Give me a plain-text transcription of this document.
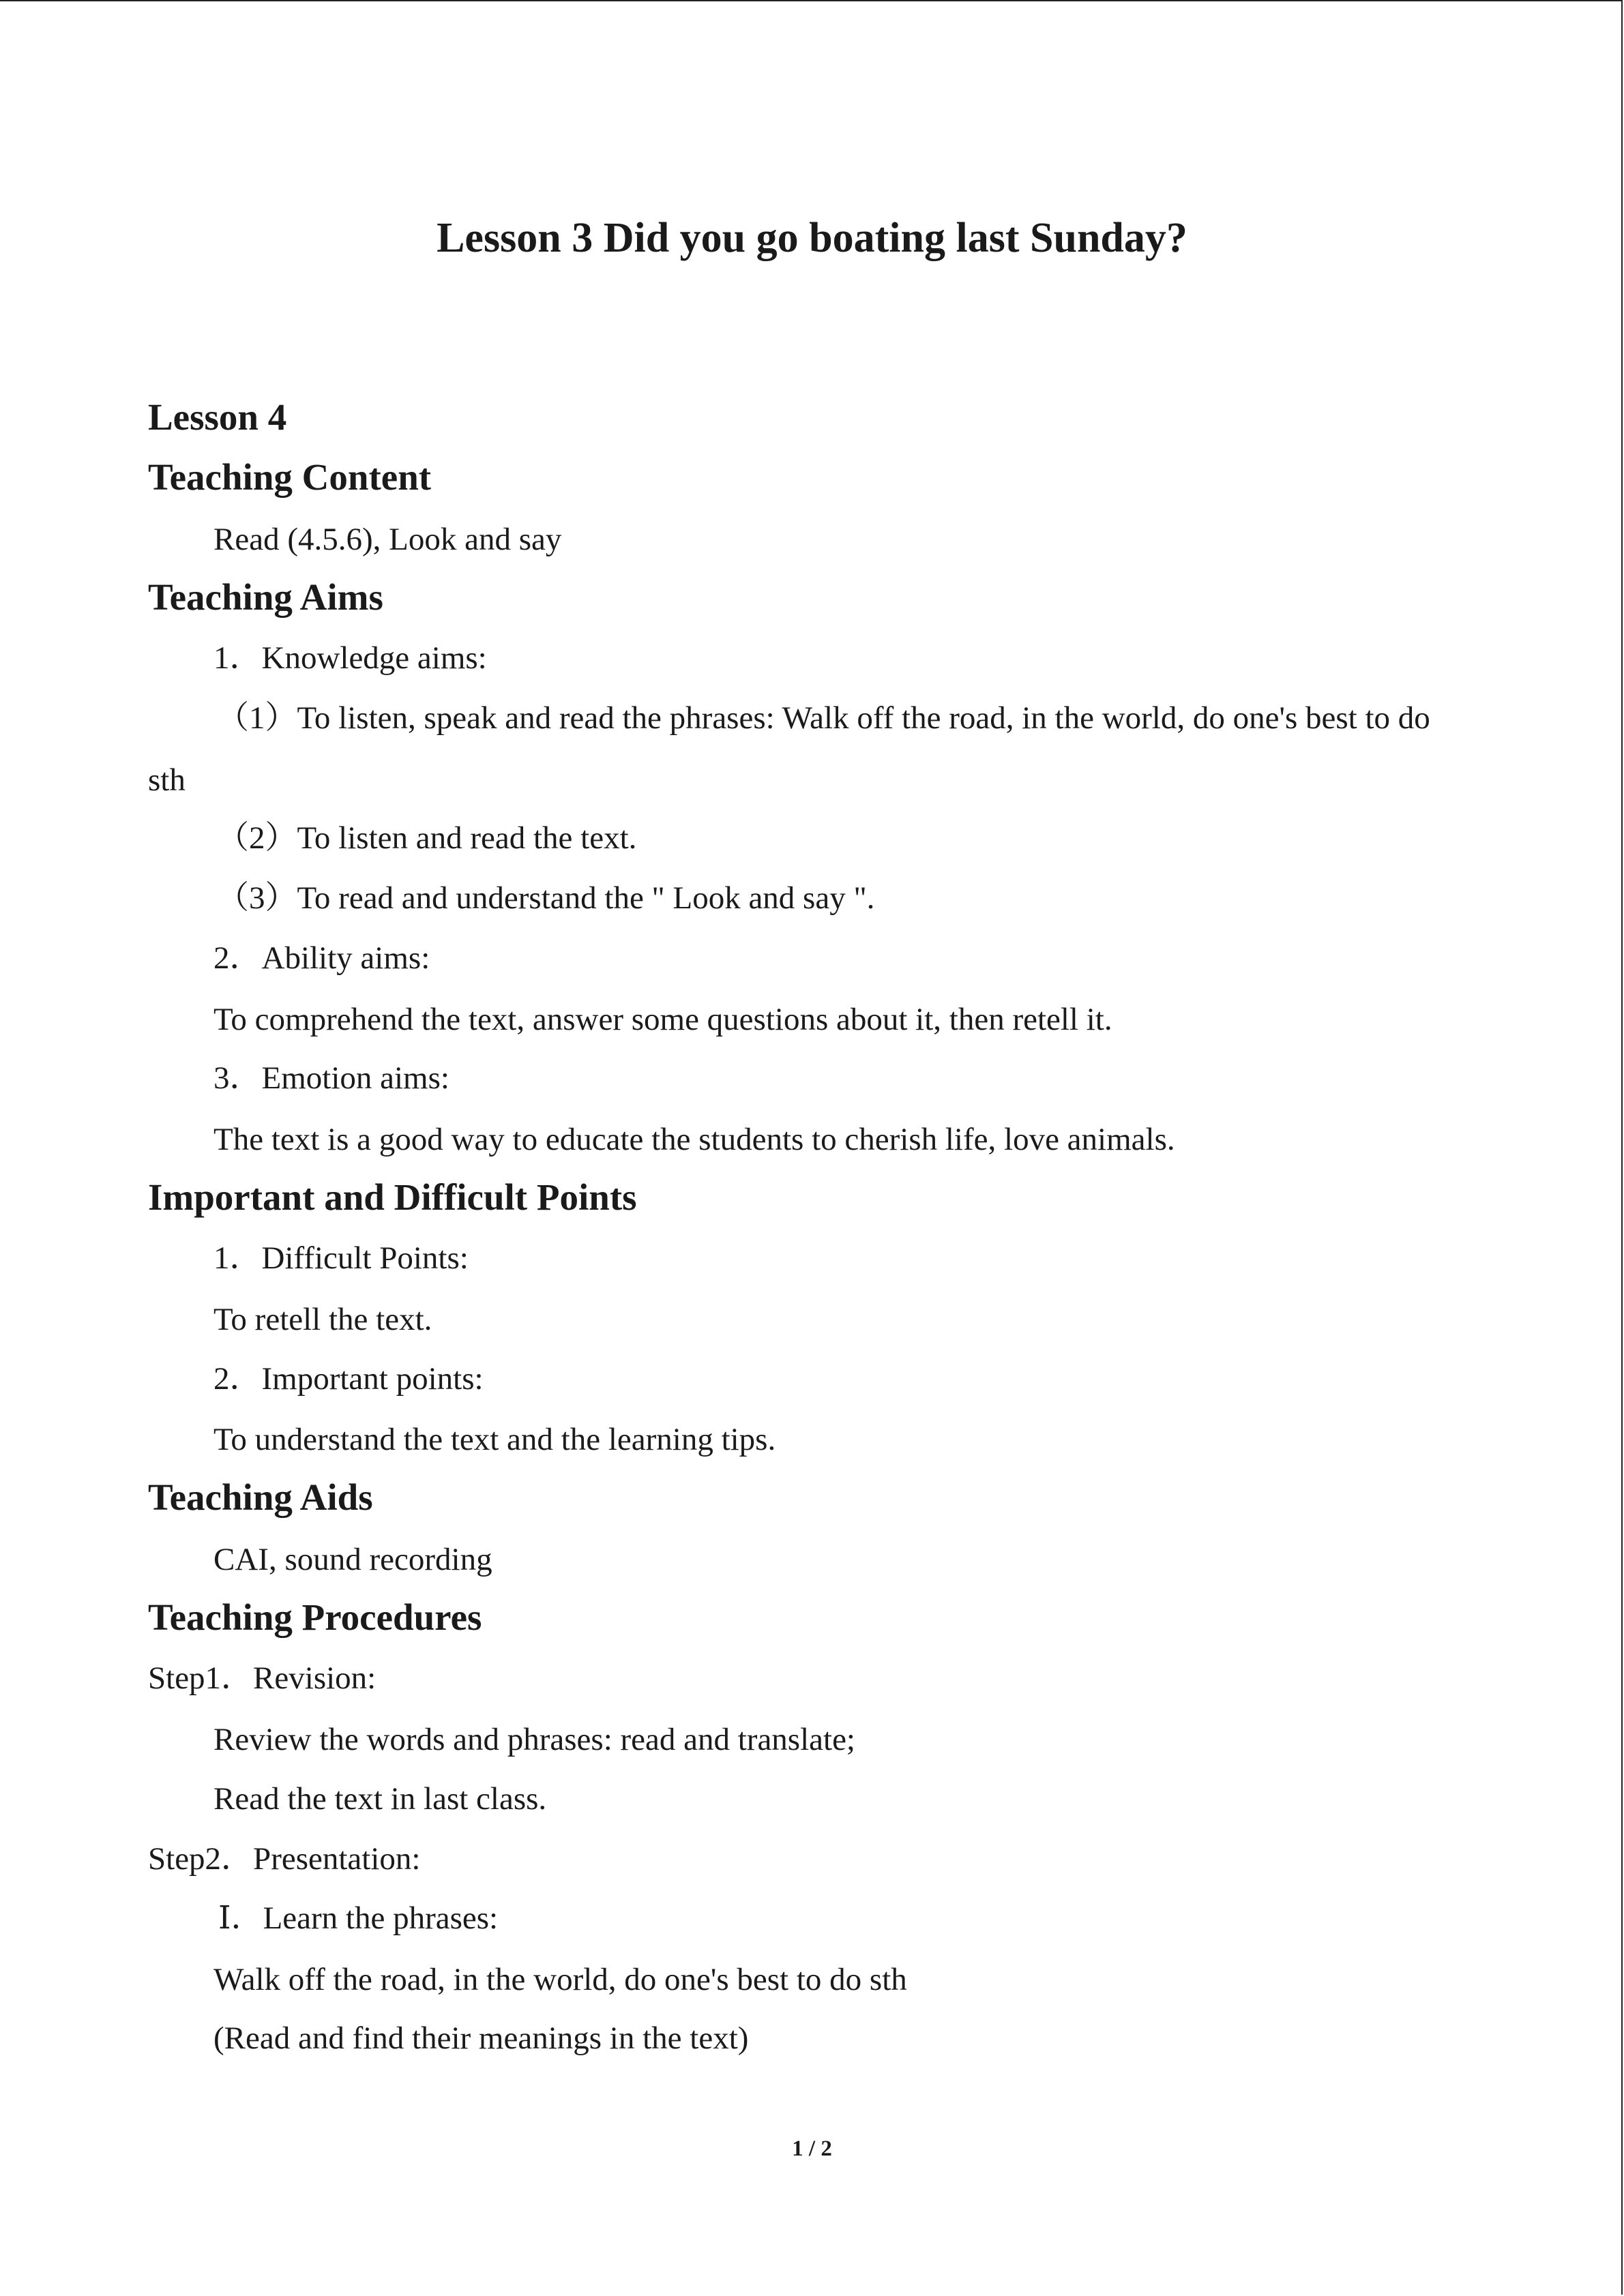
Lesson 3 Did you go boating last Sunday?
Lesson 4
Teaching Content
Read (4.5.6), Look and say
Teaching Aims
1．Knowledge aims:
（1）To listen, speak and read the phrases: Walk off the road, in the world, do one's best to do
sth
（2）To listen and read the text.
（3）To read and understand the " Look and say ".
2．Ability aims:
To comprehend the text, answer some questions about it, then retell it.
3．Emotion aims:
The text is a good way to educate the students to cherish life, love animals.
Important and Difficult Points
1．Difficult Points:
To retell the text.
2．Important points:
To understand the text and the learning tips.
Teaching Aids
CAI, sound recording
Teaching Procedures
Step1．Revision:
Review the words and phrases: read and translate;
Read the text in last class.
Step2．Presentation:
Ⅰ．Learn the phrases:
Walk off the road, in the world, do one's best to do sth
(Read and find their meanings in the text)
1 / 2
